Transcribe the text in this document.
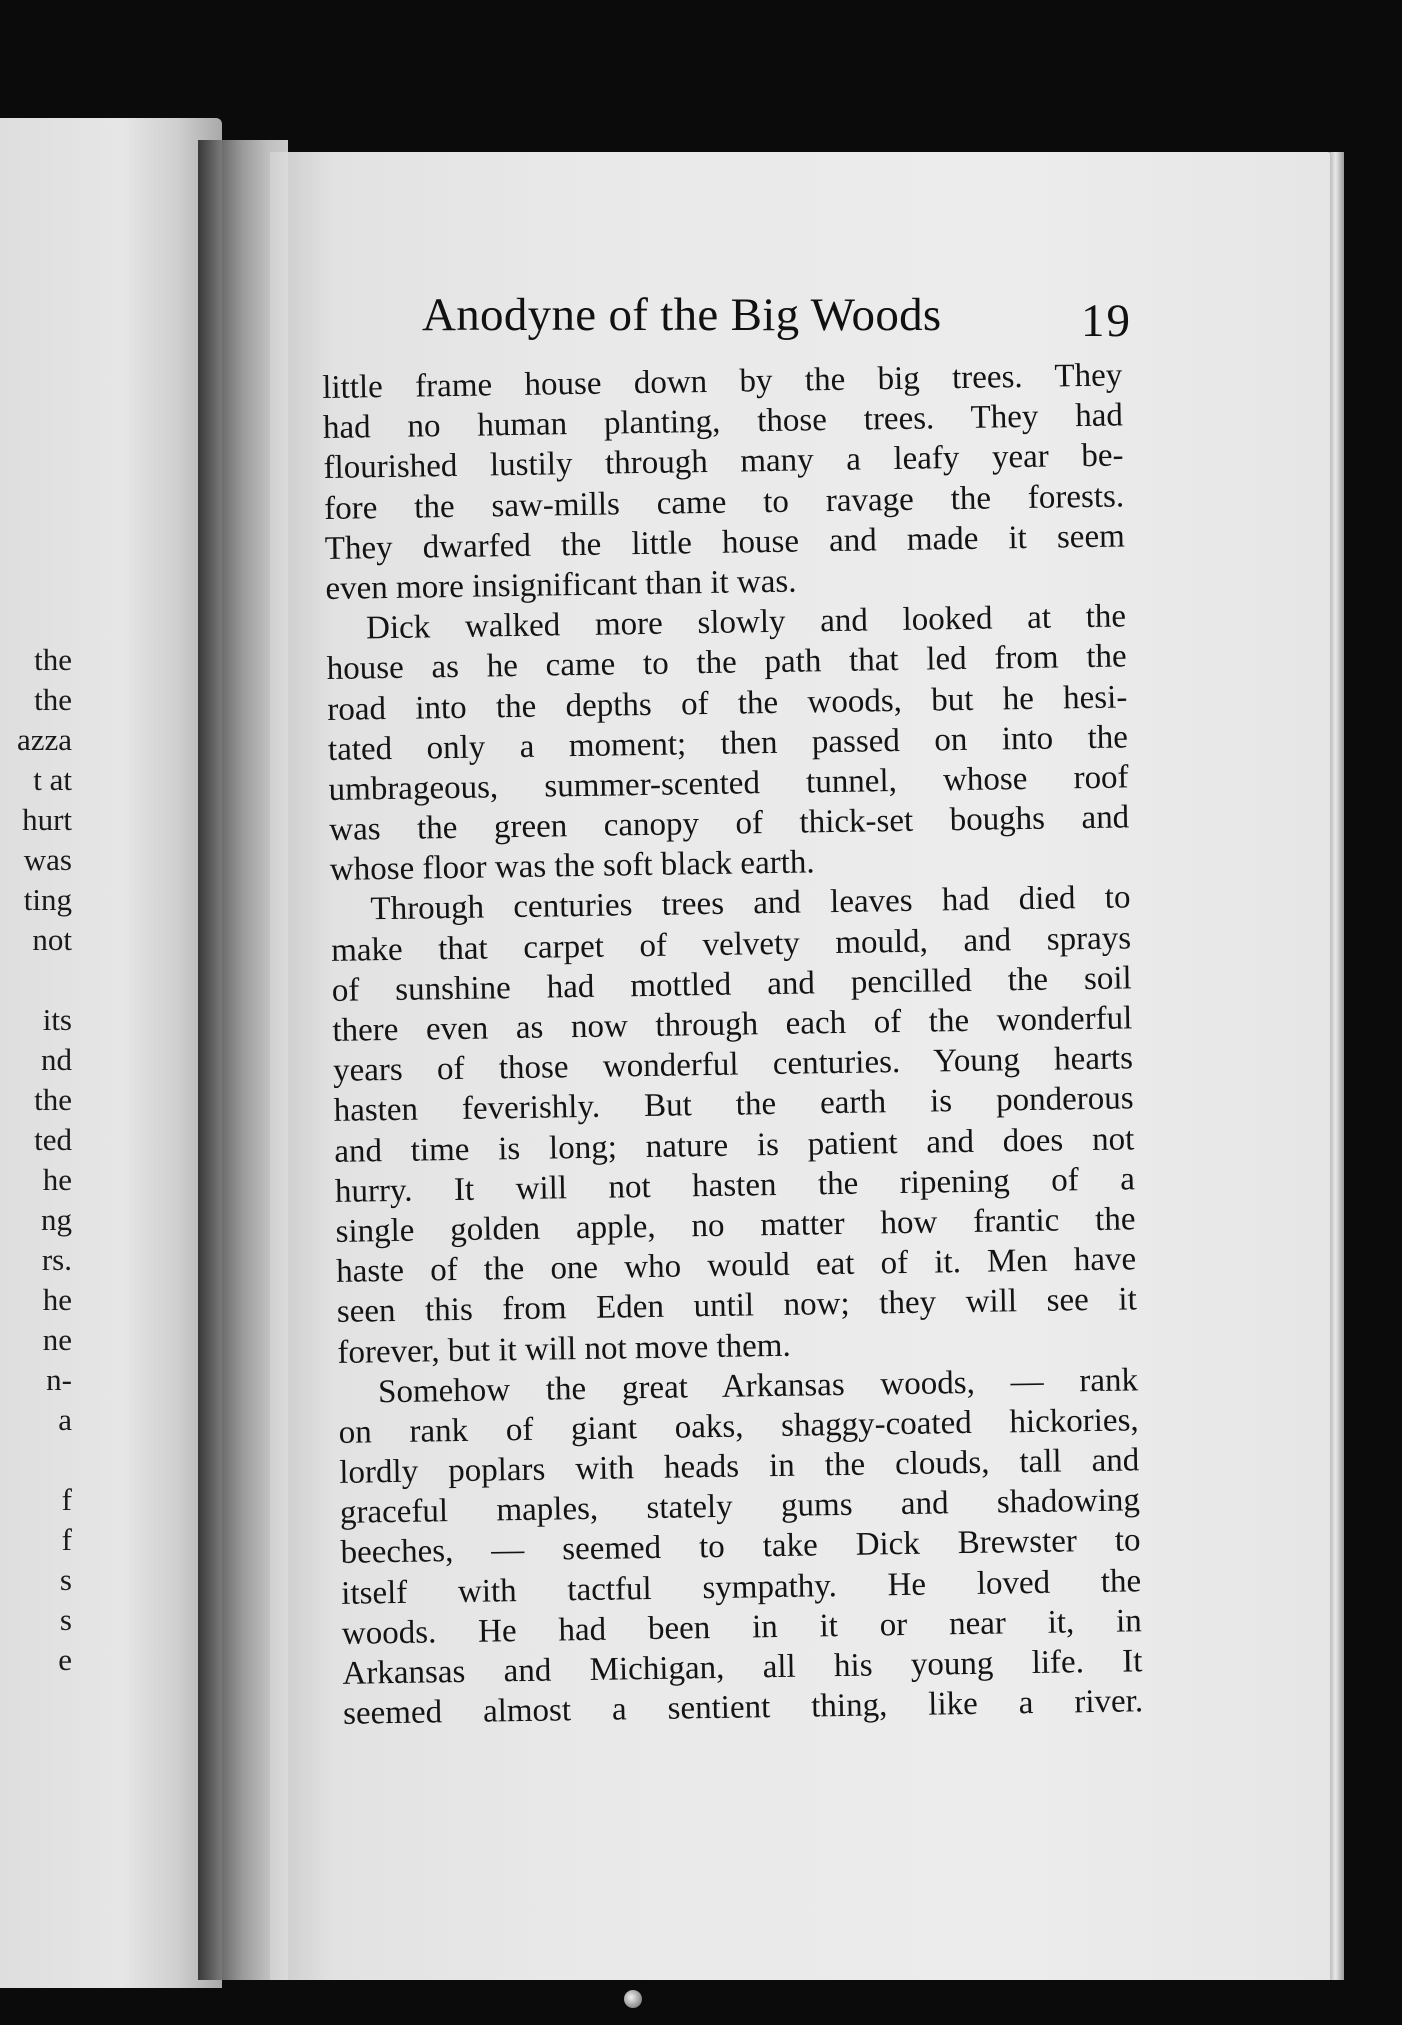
the
the
azza
t at
hurt
was
ting
not
its
nd
the
ted
he
ng
rs.
he
ne
n-
a
f
f
s
s
e
Anodyne of the Big Woods	19
little frame house down by the big trees. They
had no human planting, those trees. They had
flourished lustily through many a leafy year be-
fore the saw-mills came to ravage the forests.
They dwarfed the little house and made it seem
even more insignificant than it was.
Dick walked more slowly and looked at the
house as he came to the path that led from the
road into the depths of the woods, but he hesi-
tated only a moment; then passed on into the
umbrageous, summer-scented tunnel, whose roof
was the green canopy of thick-set boughs and
whose floor was the soft black earth.
Through centuries trees and leaves had died to
make that carpet of velvety mould, and sprays
of sunshine had mottled and pencilled the soil
there even as now through each of the wonderful
years of those wonderful centuries. Young hearts
hasten feverishly. But the earth is ponderous
and time is long; nature is patient and does not
hurry. It will not hasten the ripening of a
single golden apple, no matter how frantic the
haste of the one who would eat of it. Men have
seen this from Eden until now; they will see it
forever, but it will not move them.
Somehow the great Arkansas woods, — rank
on rank of giant oaks, shaggy-coated hickories,
lordly poplars with heads in the clouds, tall and
graceful maples, stately gums and shadowing
beeches, — seemed to take Dick Brewster to
itself with tactful sympathy. He loved the
woods. He had been in it or near it, in
Arkansas and Michigan, all his young life. It
seemed almost a sentient thing, like a river.
